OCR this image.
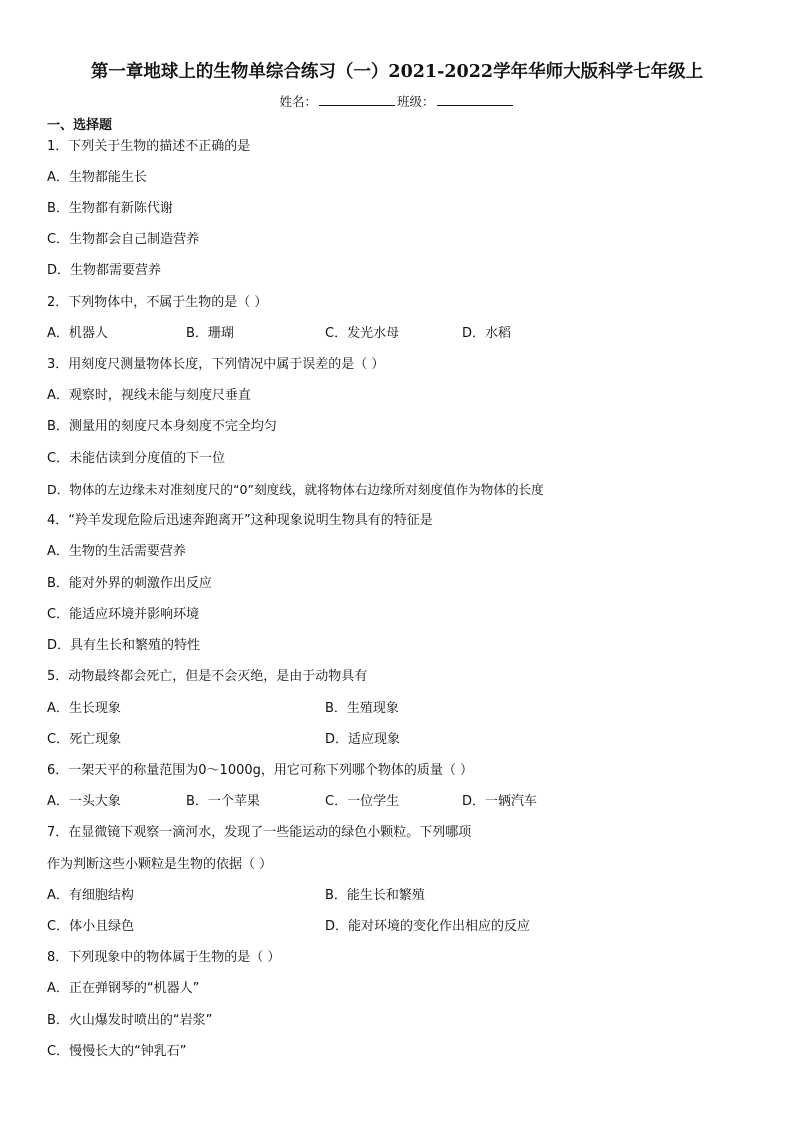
第一章地球上的生物单综合练习（一）2021-2022学年华师大版科学七年级上
姓名：	班级：
一、选择题
1．下列关于生物的描述不正确的是
A．生物都能生长
B．生物都有新陈代谢
C．生物都会自己制造营养
D．生物都需要营养
2．下列物体中，不属于生物的是（ ）
A．机器人	B．珊瑚	C．发光水母	D．水稻
3．用刻度尺测量物体长度，下列情况中属于误差的是（ ）
A．观察时，视线未能与刻度尺垂直
B．测量用的刻度尺本身刻度不完全均匀
C．未能估读到分度值的下一位
D．物体的左边缘未对准刻度尺的“0”刻度线，就将物体右边缘所对刻度值作为物体的长度
4．“羚羊发现危险后迅速奔跑离开”这种现象说明生物具有的特征是
A．生物的生活需要营养
B．能对外界的刺激作出反应
C．能适应环境并影响环境
D．具有生长和繁殖的特性
5．动物最终都会死亡，但是不会灭绝，是由于动物具有
A．生长现象	B．生殖现象
C．死亡现象	D．适应现象
6．一架天平的称量范围为0～1000g，用它可称下列哪个物体的质量（ ）
A．一头大象	B．一个苹果	C．一位学生	D．一辆汽车
7．在显微镜下观察一滴河水，发现了一些能运动的绿色小颗粒。下列哪项
作为判断这些小颗粒是生物的依据（ ）
A．有细胞结构	B．能生长和繁殖
C．体小且绿色	D．能对环境的变化作出相应的反应
8．下列现象中的物体属于生物的是（ ）
A．正在弹钢琴的“机器人”
B．火山爆发时喷出的“岩浆”
C．慢慢长大的“钟乳石”
